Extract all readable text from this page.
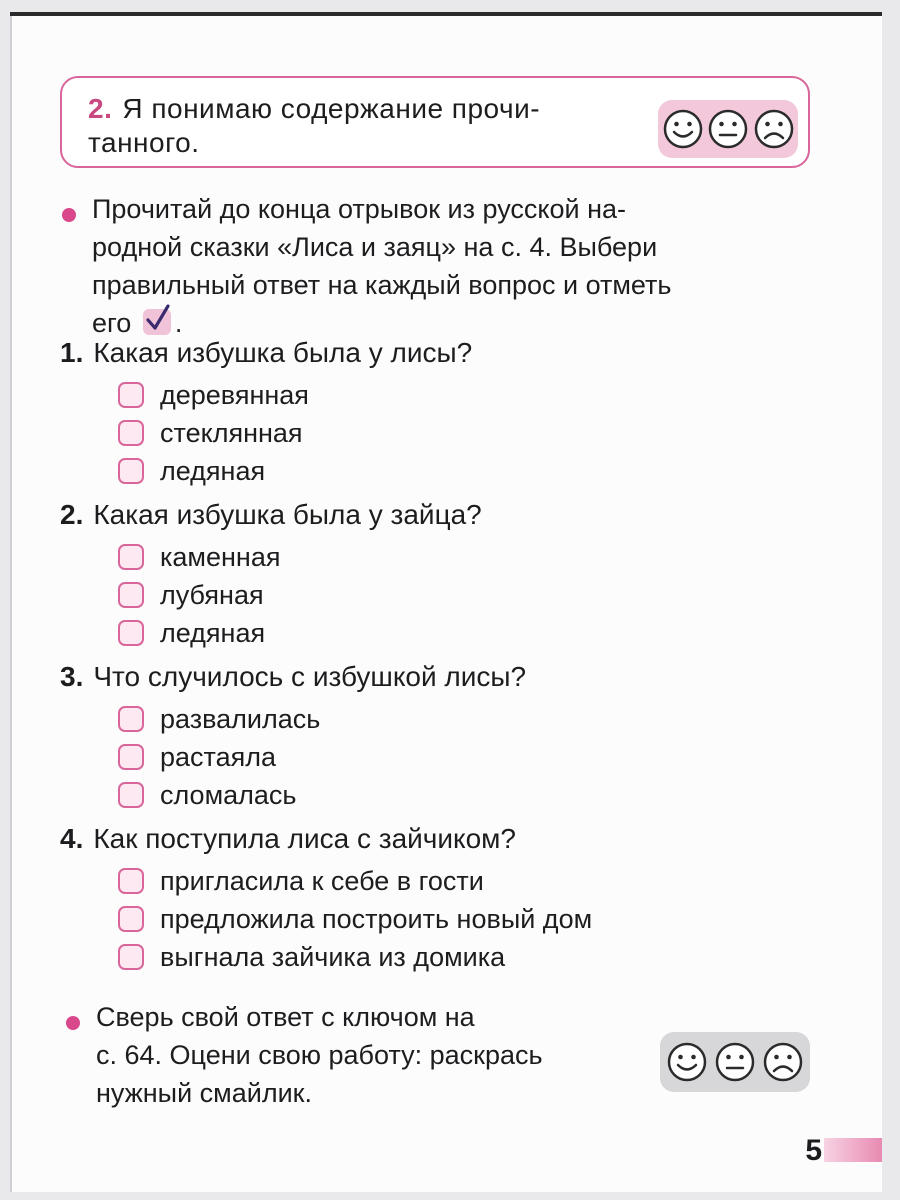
2. Я понимаю содержание прочи-
танного.
Прочитай до конца отрывок из русской на-
родной сказки «Лиса и заяц» на с. 4. Выбери
правильный ответ на каждый вопрос и отметь
его .
1. Какая избушка была у лисы?
деревянная
стеклянная
ледяная
2. Какая избушка была у зайца?
каменная
лубяная
ледяная
3. Что случилось с избушкой лисы?
развалилась
растаяла
сломалась
4. Как поступила лиса с зайчиком?
пригласила к себе в гости
предложила построить новый дом
выгнала зайчика из домика
Сверь свой ответ с ключом на
с. 64. Оцени свою работу: раскрась
нужный смайлик.
5
